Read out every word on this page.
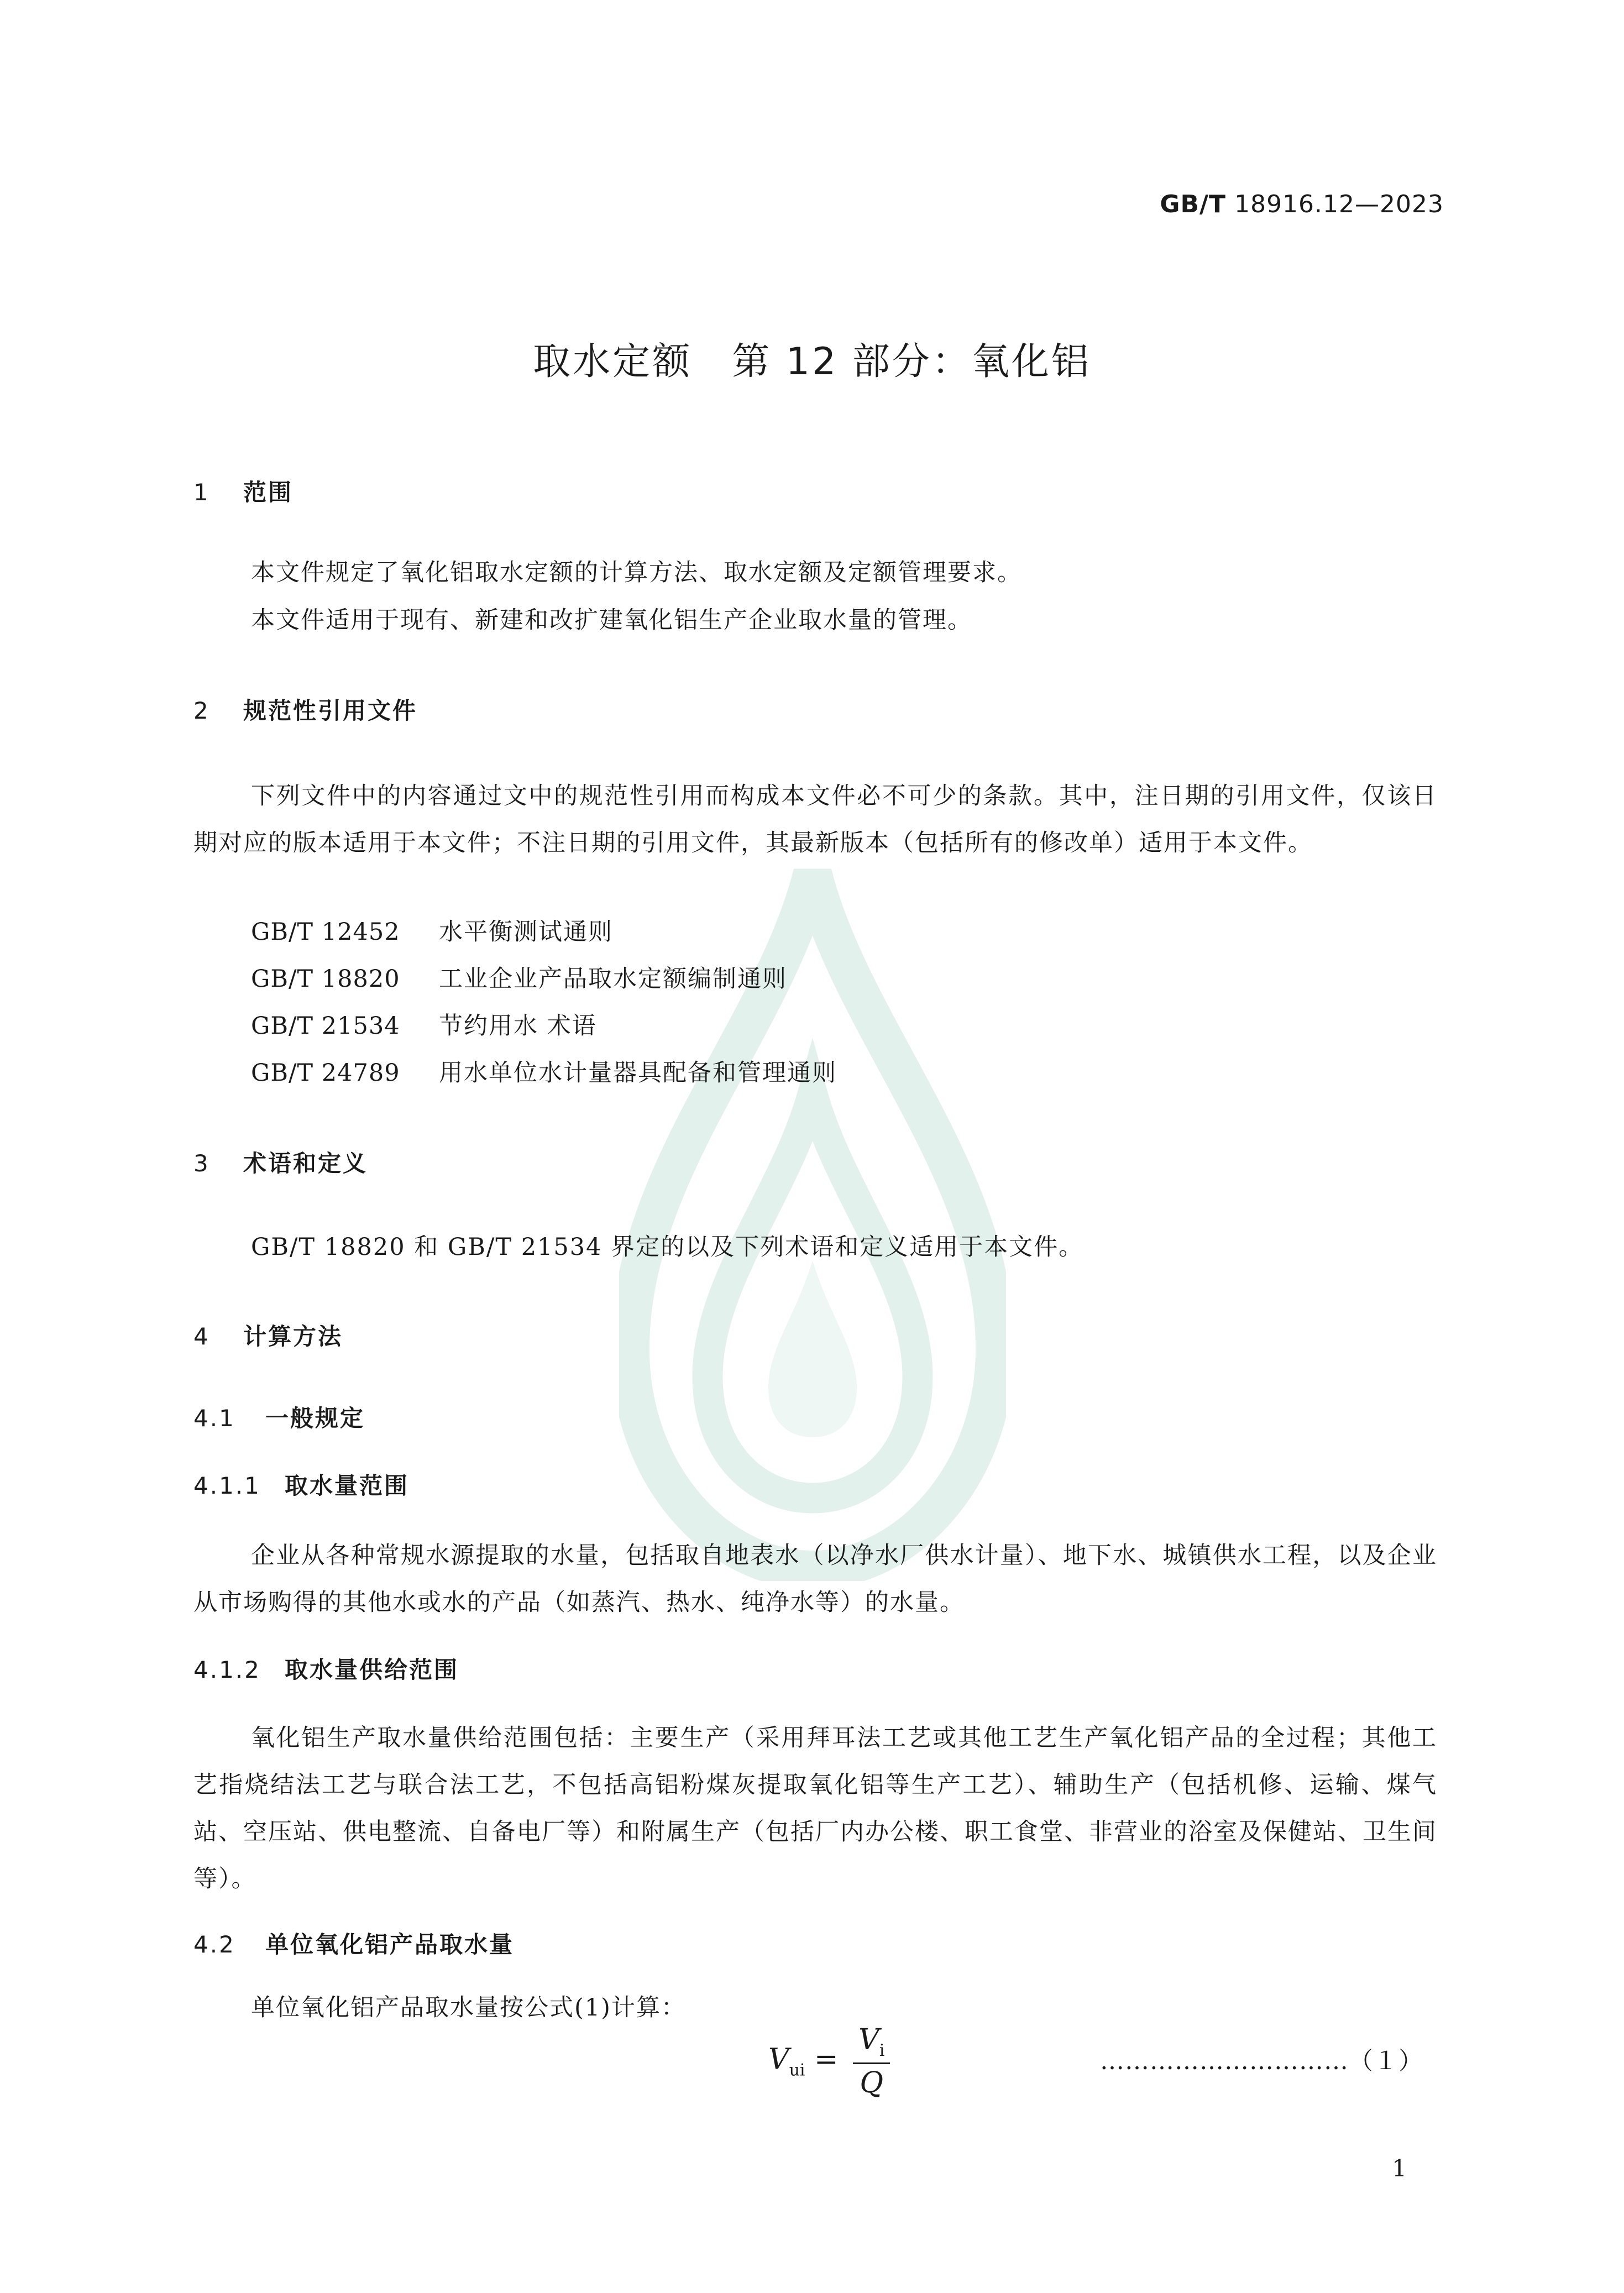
GB/T 18916.12—2023
取水定额　第 12 部分：氧化铝
1 范围
本文件规定了氧化铝取水定额的计算方法、取水定额及定额管理要求。
本文件适用于现有、新建和改扩建氧化铝生产企业取水量的管理。
2 规范性引用文件
下列文件中的内容通过文中的规范性引用而构成本文件必不可少的条款。其中，注日期的引用文件，仅该日期对应的版本适用于本文件；不注日期的引用文件，其最新版本（包括所有的修改单）适用于本文件。
GB/T 12452 水平衡测试通则
GB/T 18820 工业企业产品取水定额编制通则
GB/T 21534 节约用水 术语
GB/T 24789 用水单位水计量器具配备和管理通则
3 术语和定义
GB/T 18820 和 GB/T 21534 界定的以及下列术语和定义适用于本文件。
4 计算方法
4.1 一般规定
4.1.1 取水量范围
企业从各种常规水源提取的水量，包括取自地表水（以净水厂供水计量）、地下水、城镇供水工程，以及企业从市场购得的其他水或水的产品（如蒸汽、热水、纯净水等）的水量。
4.1.2 取水量供给范围
氧化铝生产取水量供给范围包括：主要生产（采用拜耳法工艺或其他工艺生产氧化铝产品的全过程；其他工艺指烧结法工艺与联合法工艺，不包括高铝粉煤灰提取氧化铝等生产工艺）、辅助生产（包括机修、运输、煤气站、空压站、供电整流、自备电厂等）和附属生产（包括厂内办公楼、职工食堂、非营业的浴室及保健站、卫生间等）。
4.2 单位氧化铝产品取水量
单位氧化铝产品取水量按公式(1)计算：
$V_{ui} = \frac{V_i}{Q}$	…………………………（１）
1
